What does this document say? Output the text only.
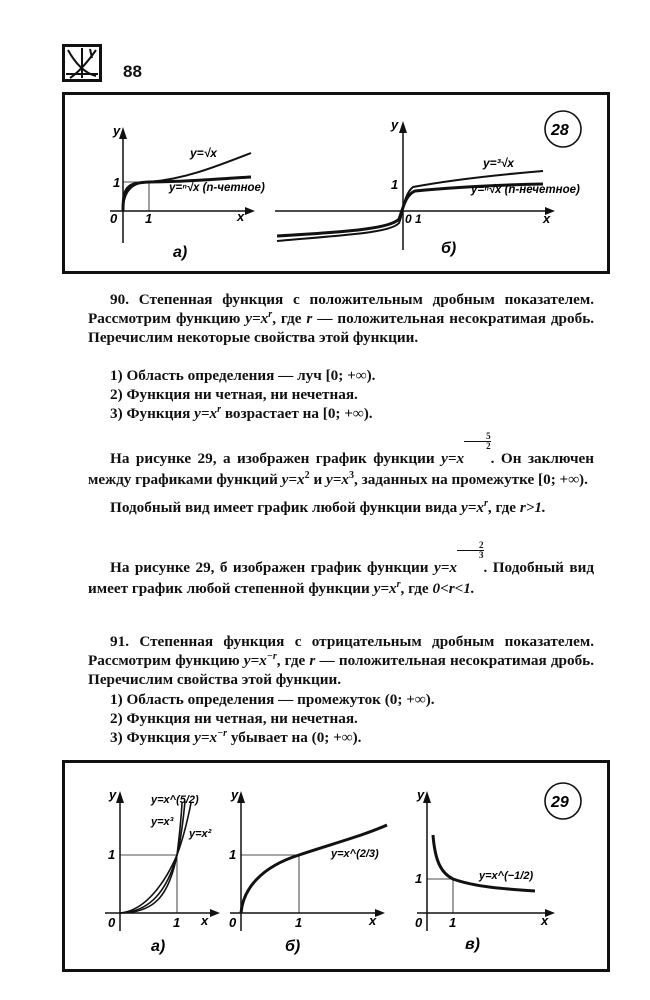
88
28
y
x
0
1
1
y=√x
y=ⁿ√x (n-четное)
а)
y
x
0 1
1
y=³√x
y=ⁿ√x (n-нечетное)
б)

90. Степенная функция с положительным дробным показателем. Рассмотрим функцию $y=x^r$, где r — положительная несократимая дробь. Перечислим некоторые свойства этой функции.

1) Область определения — луч [0; +∞).

2) Функция ни четная, ни нечетная.

3) Функция $y=x^r$ возрастает на [0; +∞).

На рисунке 29, а изображен график функции y=x
$\frac{5}{2}$
. Он заключен между графиками функций $y=x^2$ и $y=x^3$, заданных на промежутке [0; +∞).

Подобный вид имеет график любой функции вида $y=x^r$, где r>1.

На рисунке 29, б изображен график функции y=x
$\frac{2}{3}$
. Подобный вид имеет график любой степенной функции $y=x^r$, где 0<r<1.

91. Степенная функция с отрицательным дробным показателем. Рассмотрим функцию $y=x^{-r}$, где r — положительная несократимая дробь. Перечислим свойства этой функции.

1) Область определения — промежуток (0; +∞).

2) Функция ни четная, ни нечетная.

3) Функция $y=x^{-r}$ убывает на (0; +∞).

29
y
x
0
1
1
y=x^(5/2)
y=x³
y=x²
а)
y
x
0
1
1
y=x^(2/3)
б)
y
x
0
1
1
y=x^(−1/2)
в)
